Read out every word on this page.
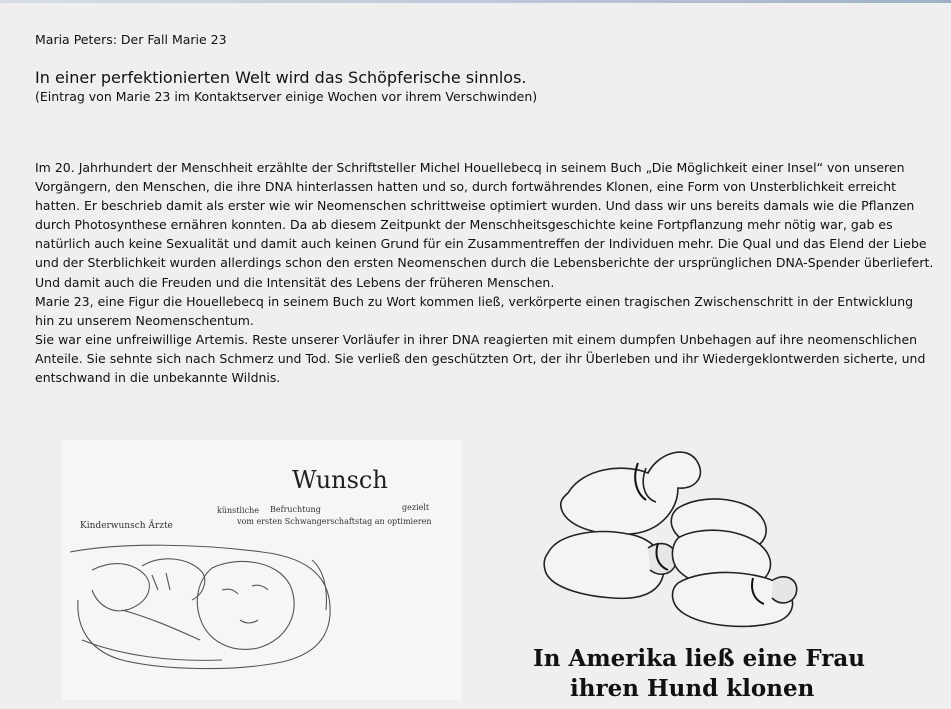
Maria Peters: Der Fall Marie 23
In einer perfektionierten Welt wird das Schöpferische sinnlos.
(Eintrag von Marie 23 im Kontaktserver einige Wochen vor ihrem Verschwinden)

Im 20. Jahrhundert der Menschheit erzählte der Schriftsteller Michel Houellebecq in seinem Buch „Die Möglichkeit einer Insel“ von unseren Vorgängern, den Menschen, die ihre DNA hinterlassen hatten und so, durch fortwährendes Klonen, eine Form von Unsterblichkeit erreicht hatten. Er beschrieb damit als erster wie wir Neomenschen schrittweise optimiert wurden. Und dass wir uns bereits damals wie die Pflanzen durch Photosynthese ernähren konnten. Da ab diesem Zeitpunkt der Menschheitsgeschichte keine Fortpflanzung mehr nötig war, gab es natürlich auch keine Sexualität und damit auch keinen Grund für ein Zusammentreffen der Individuen mehr. Die Qual und das Elend der Liebe und der Sterblichkeit wurden allerdings schon den ersten Neomenschen durch die Lebensberichte der ursprünglichen DNA-Spender überliefert. Und damit auch die Freuden und die Intensität des Lebens der früheren Menschen.

Marie 23, eine Figur die Houellebecq in seinem Buch zu Wort kommen ließ, verkörperte einen tragischen Zwischenschritt in der Entwicklung hin zu unserem Neomenschentum.

Sie war eine unfreiwillige Artemis. Reste unserer Vorläufer in ihrer DNA reagierten mit einem dumpfen Unbehagen auf ihre neomenschlichen Anteile. Sie sehnte sich nach Schmerz und Tod. Sie verließ den geschützten Ort, der ihr Überleben und ihr Wiedergeklontwerden sicherte, und entschwand in die unbekannte Wildnis.

Wunsch
Kinderwunsch Ärzte
künstliche Befruchtung	gezielt
vom ersten Schwangerschaftstag an optimieren
In Amerika ließ eine Frau
ihren Hund klonen
